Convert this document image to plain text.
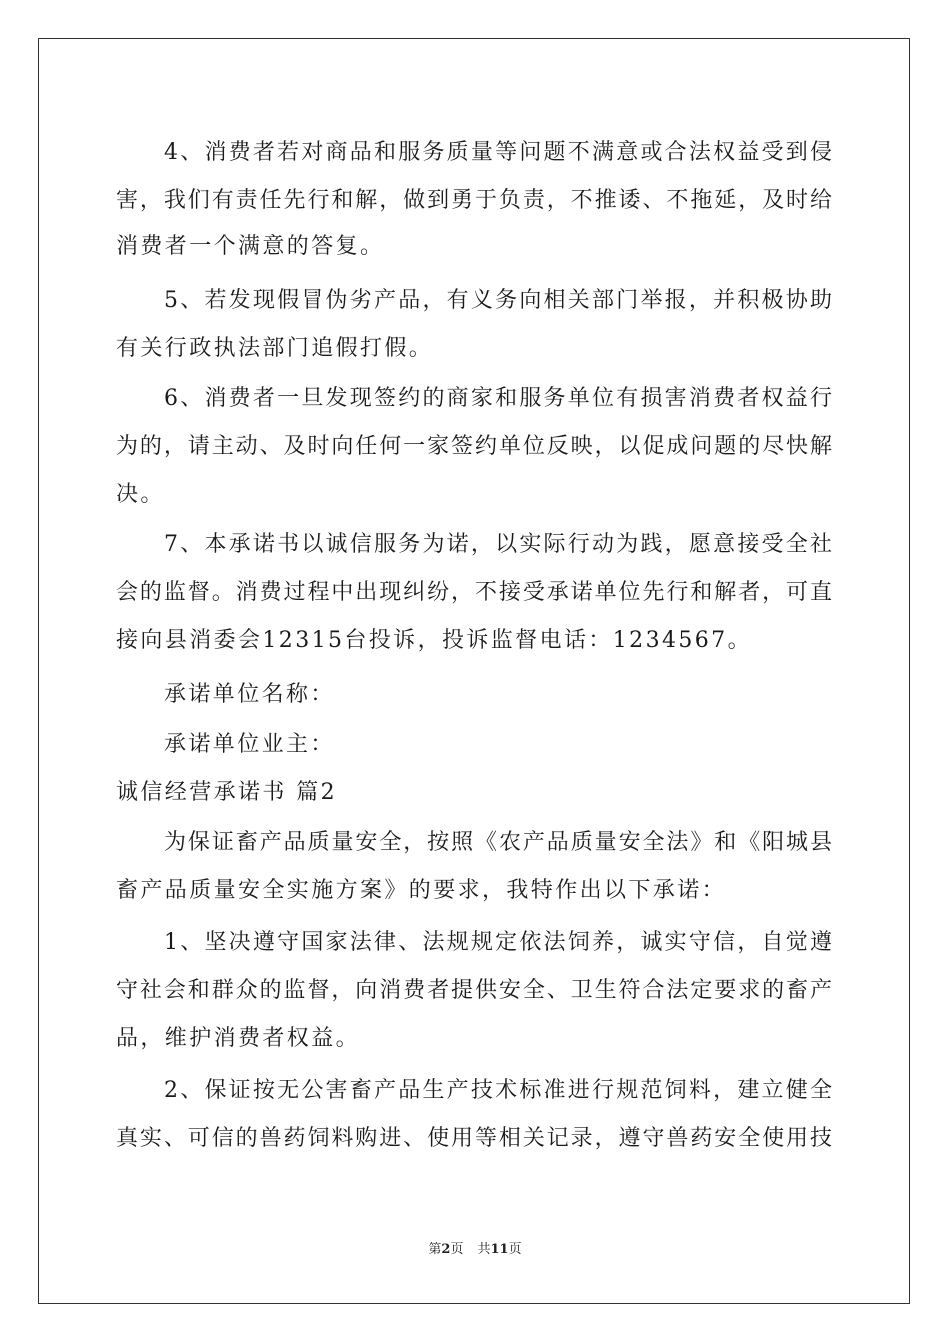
4、消费者若对商品和服务质量等问题不满意或合法权益受到侵
害，我们有责任先行和解，做到勇于负责，不推诿、不拖延，及时给
消费者一个满意的答复。
5、若发现假冒伪劣产品，有义务向相关部门举报，并积极协助
有关行政执法部门追假打假。
6、消费者一旦发现签约的商家和服务单位有损害消费者权益行
为的，请主动、及时向任何一家签约单位反映，以促成问题的尽快解
决。
7、本承诺书以诚信服务为诺，以实际行动为践，愿意接受全社
会的监督。消费过程中出现纠纷，不接受承诺单位先行和解者，可直
接向县消委会12315台投诉，投诉监督电话：1234567。
承诺单位名称：
承诺单位业主：
诚信经营承诺书 篇2
为保证畜产品质量安全，按照《农产品质量安全法》和《阳城县
畜产品质量安全实施方案》的要求，我特作出以下承诺：
1、坚决遵守国家法律、法规规定依法饲养，诚实守信，自觉遵
守社会和群众的监督，向消费者提供安全、卫生符合法定要求的畜产
品，维护消费者权益。
2、保证按无公害畜产品生产技术标准进行规范饲料，建立健全
真实、可信的兽药饲料购进、使用等相关记录，遵守兽药安全使用技
第2页 共11页
